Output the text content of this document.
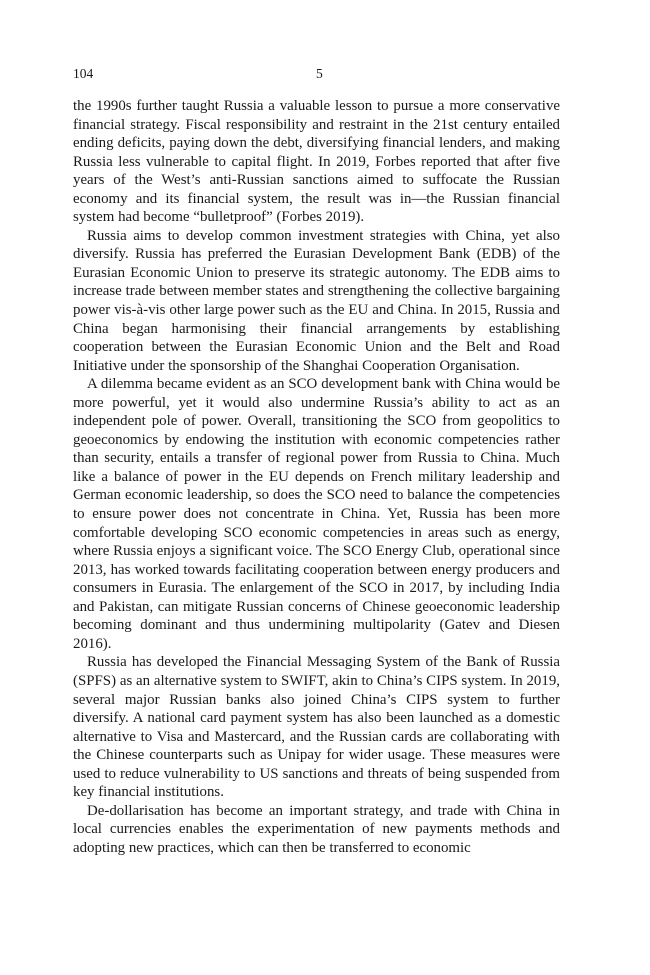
104	5

the 1990s further taught Russia a valuable lesson to pursue a more conservative financial strategy. Fiscal responsibility and restraint in the 21st century entailed ending deficits, paying down the debt, diversifying financial lenders, and making Russia less vulnerable to capital flight. In 2019, Forbes reported that after five years of the West’s anti-Russian sanctions aimed to suffocate the Russian economy and its financial system, the result was in—the Russian financial system had become “bulletproof” (Forbes 2019).

Russia aims to develop common investment strategies with China, yet also diversify. Russia has preferred the Eurasian Development Bank (EDB) of the Eurasian Economic Union to preserve its strategic autonomy. The EDB aims to increase trade between member states and strengthening the collective bargaining power vis-à-vis other large power such as the EU and China. In 2015, Russia and China began harmonising their financial arrangements by establishing cooperation between the Eurasian Economic Union and the Belt and Road Initiative under the sponsorship of the Shanghai Cooperation Organisation.

A dilemma became evident as an SCO development bank with China would be more powerful, yet it would also undermine Russia’s ability to act as an independent pole of power. Overall, transitioning the SCO from geopolitics to geoeconomics by endowing the institution with economic competencies rather than security, entails a transfer of regional power from Russia to China. Much like a balance of power in the EU depends on French military leadership and German economic leadership, so does the SCO need to balance the competencies to ensure power does not concentrate in China. Yet, Russia has been more comfortable developing SCO economic competencies in areas such as energy, where Russia enjoys a significant voice. The SCO Energy Club, operational since 2013, has worked towards facilitating cooperation between energy producers and consumers in Eurasia. The enlargement of the SCO in 2017, by including India and Pakistan, can mitigate Russian concerns of Chinese geoeconomic leadership becoming dominant and thus undermining multipolarity (Gatev and Diesen 2016).

Russia has developed the Financial Messaging System of the Bank of Russia (SPFS) as an alternative system to SWIFT, akin to China’s CIPS system. In 2019, several major Russian banks also joined China’s CIPS system to further diversify. A national card payment system has also been launched as a domestic alternative to Visa and Mastercard, and the Russian cards are collaborating with the Chinese counterparts such as Unipay for wider usage. These measures were used to reduce vulnerability to US sanctions and threats of being suspended from key financial institutions.

De-dollarisation has become an important strategy, and trade with China in local currencies enables the experimentation of new payments methods and adopting new practices, which can then be transferred to economic
